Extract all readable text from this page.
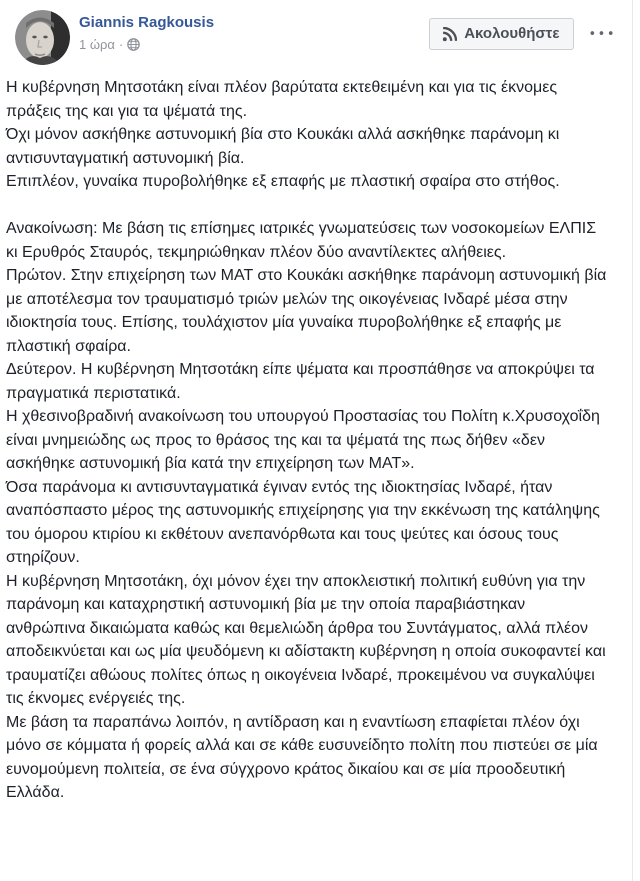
Giannis Ragkousis
1 ώρα ·
Ακολουθήστε •••

Η κυβέρνηση Μητσοτάκη είναι πλέον βαρύτατα εκτεθειμένη και για τις έκνομες πράξεις της και για τα ψέματά της.

Όχι μόνον ασκήθηκε αστυνομική βία στο Κουκάκι αλλά ασκήθηκε παράνομη κι αντισυνταγματική αστυνομική βία.

Επιπλέον, γυναίκα πυροβολήθηκε εξ επαφής με πλαστική σφαίρα στο στήθος.

Ανακοίνωση: Με βάση τις επίσημες ιατρικές γνωματεύσεις των νοσοκομείων ΕΛΠΙΣ κι Ερυθρός Σταυρός, τεκμηριώθηκαν πλέον δύο αναντίλεκτες αλήθειες.

Πρώτον. Στην επιχείρηση των ΜΑΤ στο Κουκάκι ασκήθηκε παράνομη αστυνομική βία με αποτέλεσμα τον τραυματισμό τριών μελών της οικογένειας Ινδαρέ μέσα στην ιδιοκτησία τους. Επίσης, τουλάχιστον μία γυναίκα πυροβολήθηκε εξ επαφής με πλαστική σφαίρα.

Δεύτερον. Η κυβέρνηση Μητσοτάκη είπε ψέματα και προσπάθησε να αποκρύψει τα πραγματικά περιστατικά.

Η χθεσινοβραδινή ανακοίνωση του υπουργού Προστασίας του Πολίτη κ.Χρυσοχοΐδη είναι μνημειώδης ως προς το θράσος της και τα ψέματά της πως δήθεν «δεν ασκήθηκε αστυνομική βία κατά την επιχείρηση των ΜΑΤ».

Όσα παράνομα κι αντισυνταγματικά έγιναν εντός της ιδιοκτησίας Ινδαρέ, ήταν αναπόσπαστο μέρος της αστυνομικής επιχείρησης για την εκκένωση της κατάληψης του όμορου κτιρίου κι εκθέτουν ανεπανόρθωτα και τους ψεύτες και όσους τους στηρίζουν.

Η κυβέρνηση Μητσοτάκη, όχι μόνον έχει την αποκλειστική πολιτική ευθύνη για την παράνομη και καταχρηστική αστυνομική βία με την οποία παραβιάστηκαν ανθρώπινα δικαιώματα καθώς και θεμελιώδη άρθρα του Συντάγματος, αλλά πλέον αποδεικνύεται και ως μία ψευδόμενη κι αδίστακτη κυβέρνηση η οποία συκοφαντεί και τραυματίζει αθώους πολίτες όπως η οικογένεια Ινδαρέ, προκειμένου να συγκαλύψει τις έκνομες ενέργειές της.

Με βάση τα παραπάνω λοιπόν, η αντίδραση και η εναντίωση επαφίεται πλέον όχι μόνο σε κόμματα ή φορείς αλλά και σε κάθε ευσυνείδητο πολίτη που πιστεύει σε μία ευνομούμενη πολιτεία, σε ένα σύγχρονο κράτος δικαίου και σε μία προοδευτική Ελλάδα.
